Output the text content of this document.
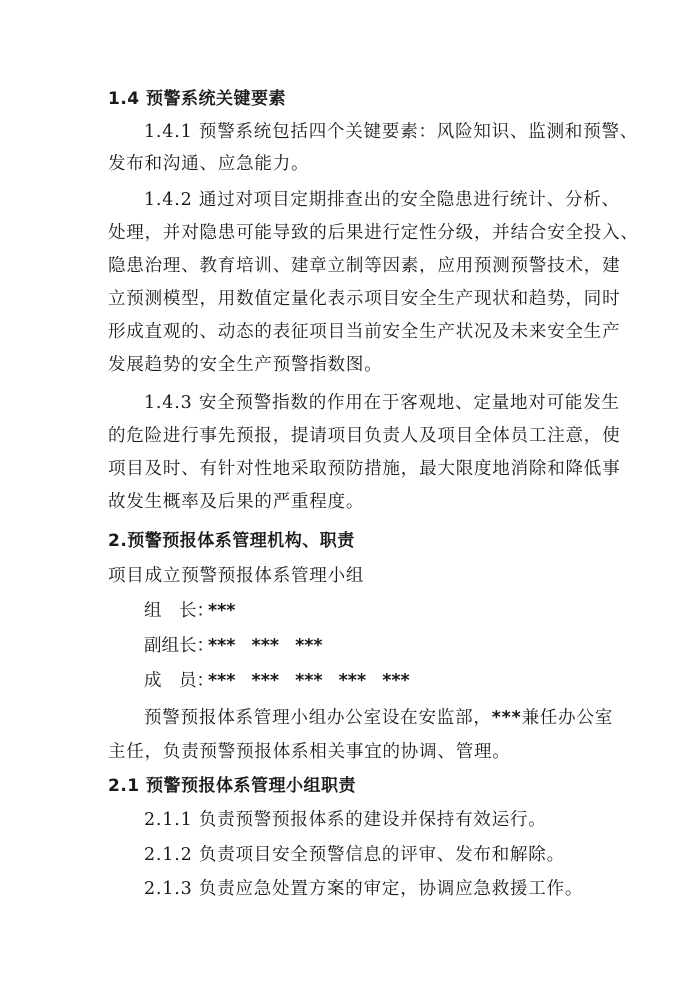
1.4 预警系统关键要素
1.4.1 预警系统包括四个关键要素：风险知识、监测和预警、
发布和沟通、应急能力。
1.4.2 通过对项目定期排查出的安全隐患进行统计、分析、
处理，并对隐患可能导致的后果进行定性分级，并结合安全投入、
隐患治理、教育培训、建章立制等因素，应用预测预警技术，建
立预测模型，用数值定量化表示项目安全生产现状和趋势，同时
形成直观的、动态的表征项目当前安全生产状况及未来安全生产
发展趋势的安全生产预警指数图。
1.4.3 安全预警指数的作用在于客观地、定量地对可能发生
的危险进行事先预报，提请项目负责人及项目全体员工注意，使
项目及时、有针对性地采取预防措施，最大限度地消除和降低事
故发生概率及后果的严重程度。
2.预警预报体系管理机构、职责
项目成立预警预报体系管理小组
组　长：***
副组长：*** *** ***
成　员：*** *** *** *** ***
预警预报体系管理小组办公室设在安监部，***兼任办公室
主任，负责预警预报体系相关事宜的协调、管理。
2.1 预警预报体系管理小组职责
2.1.1 负责预警预报体系的建设并保持有效运行。
2.1.2 负责项目安全预警信息的评审、发布和解除。
2.1.3 负责应急处置方案的审定，协调应急救援工作。
